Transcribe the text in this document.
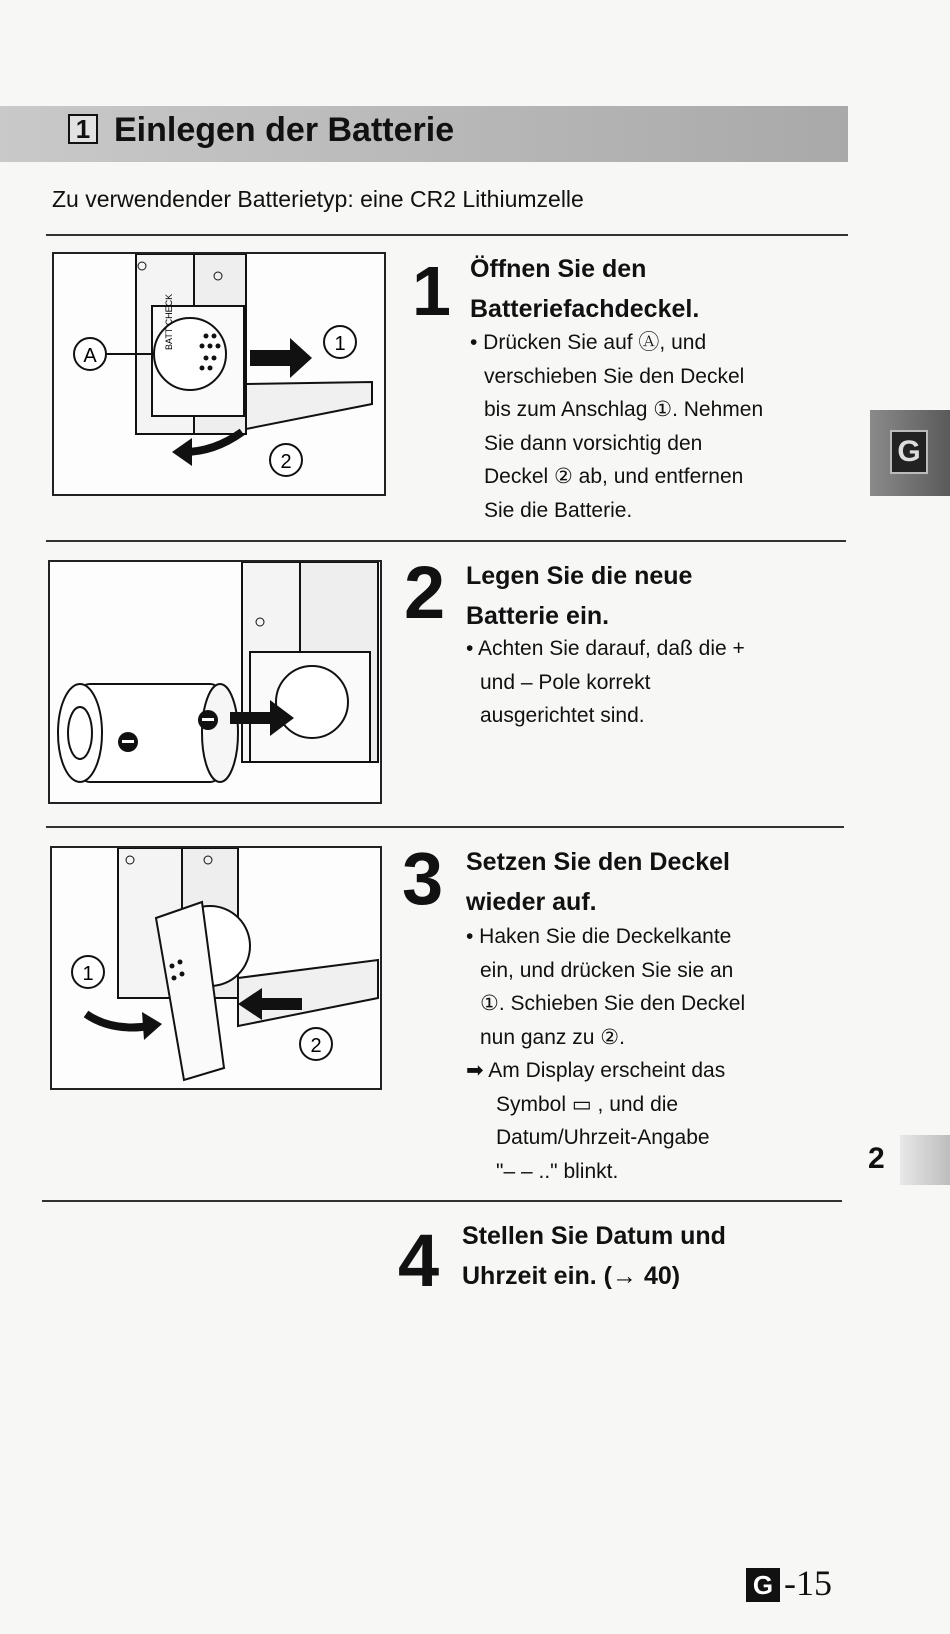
1 Einlegen der Batterie
Zu verwendender Batterietyp: eine CR2 Lithiumzelle
BATT CHECK
A
1
2
1 Öffnen Sie den
Batteriefachdeckel.
• Drücken Sie auf Ⓐ, und
verschieben Sie den Deckel
bis zum Anschlag ①. Nehmen
Sie dann vorsichtig den
Deckel ② ab, und entfernen
Sie die Batterie.
2 Legen Sie die neue
Batterie ein.
• Achten Sie darauf, daß die +
und – Pole korrekt
ausgerichtet sind.
1
2
3 Setzen Sie den Deckel
wieder auf.
• Haken Sie die Deckelkante
ein, und drücken Sie sie an
①. Schieben Sie den Deckel
nun ganz zu ②.
➡ Am Display erscheint das
Symbol ▭ , und die
Datum/Uhrzeit-Angabe
"– – .." blinkt.
4 Stellen Sie Datum und
Uhrzeit ein. (→ 40)
G
2
G -15
